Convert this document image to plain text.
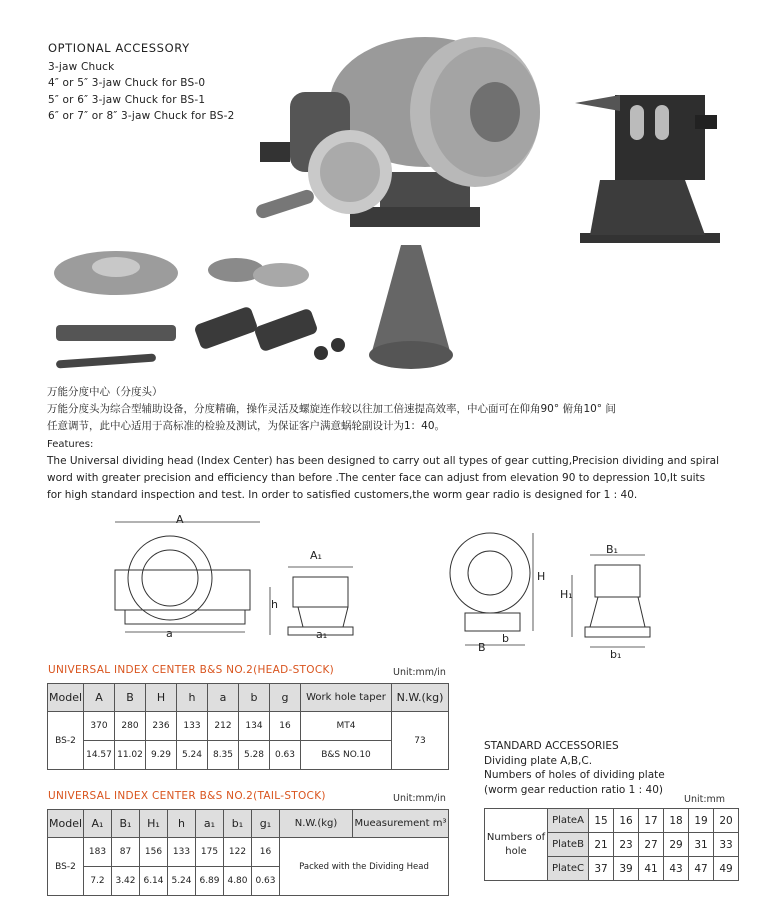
OPTIONAL ACCESSORY
3-jaw Chuck
4″ or 5″ 3-jaw Chuck for BS-0
5″ or 6″ 3-jaw Chuck for BS-1
6″ or 7″ or 8″ 3-jaw Chuck for BS-2

万能分度中心（分度头）

万能分度头为综合型辅助设备，分度精确，操作灵活及螺旋连作较以往加工倍速提高效率，中心面可在仰角90° 俯角10° 间

任意调节，此中心适用于高标准的检验及测试，为保证客户满意蜗轮副设计为1：40。

Features:

The Universal dividing head (Index Center) has been designed to carry out all types of gear cutting,Precision dividing and spiral

word with greater precision and efficiency than before .The center face can adjust from elevation 90 to depression 10,It suits

for high standard inspection and test. In order to satisfied customers,the worm gear radio is designed for 1 : 40.

A
a
A₁
h
a₁
H
b
B
B₁
H₁
b₁
UNIVERSAL INDEX CENTER B&S NO.2(HEAD-STOCK)	Unit:mm/in
Model	A	B	H	h	a	b	g	Work hole taper	N.W.(kg)
BS-2	370	280	236	133	212	134	16	MT4	73
	14.57	11.02	9.29	5.24	8.35	5.28	0.63	B&S NO.10	
UNIVERSAL INDEX CENTER B&S NO.2(TAIL-STOCK)	Unit:mm/in
Model	A₁	B₁	H₁	h	a₁	b₁	g₁	N.W.(kg)	Mueasurement m³
BS-2	183	87	156	133	175	122	16	Packed with the Dividing Head	
	7.2	3.42	6.14	5.24	6.89	4.80	0.63		
STANDARD ACCESSORIES
Dividing plate A,B,C.
Numbers of holes of dividing plate
(worm gear reduction ratio 1 : 40)
Unit:mm
Numbers of
hole	PlateA	15	16	17	18	19	20
	PlateB	21	23	27	29	31	33
	PlateC	37	39	41	43	47	49
